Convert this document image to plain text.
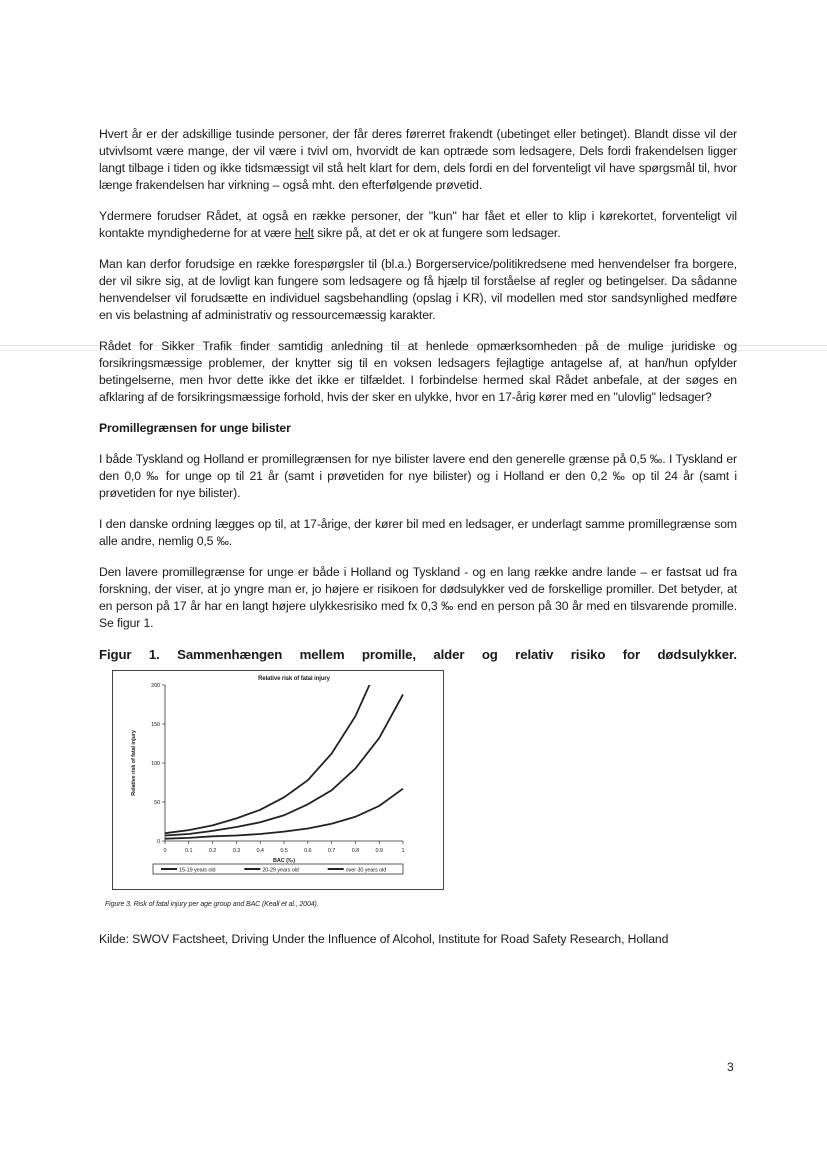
Hvert år er der adskillige tusinde personer, der får deres førerret frakendt (ubetinget eller betinget). Blandt disse vil der utvivlsomt være mange, der vil være i tvivl om, hvorvidt de kan optræde som ledsagere, Dels fordi frakendelsen ligger langt tilbage i tiden og ikke tidsmæssigt vil stå helt klart for dem, dels fordi en del forventeligt vil have spørgsmål til, hvor længe frakendelsen har virkning – også mht. den efterfølgende prøvetid.

Ydermere forudser Rådet, at også en række personer, der "kun" har fået et eller to klip i kørekortet, forventeligt vil kontakte myndighederne for at være helt sikre på, at det er ok at fungere som ledsager.

Man kan derfor forudsige en række forespørgsler til (bl.a.) Borgerservice/politikredsene med henvendelser fra borgere, der vil sikre sig, at de lovligt kan fungere som ledsagere og få hjælp til forståelse af regler og betingelser. Da sådanne henvendelser vil forudsætte en individuel sagsbehandling (opslag i KR), vil modellen med stor sandsynlighed medføre en vis belastning af administrativ og ressourcemæssig karakter.

Rådet for Sikker Trafik finder samtidig anledning til at henlede opmærksomheden på de mulige juridiske og forsikringsmæssige problemer, der knytter sig til en voksen ledsagers fejlagtige antagelse af, at han/hun opfylder betingelserne, men hvor dette ikke det ikke er tilfældet. I forbindelse hermed skal Rådet anbefale, at der søges en afklaring af de forsikringsmæssige forhold, hvis der sker en ulykke, hvor en 17-årig kører med en "ulovlig" ledsager?

Promillegrænsen for unge bilister

I både Tyskland og Holland er promillegrænsen for nye bilister lavere end den generelle grænse på 0,5 ‰. I Tyskland er den 0,0 ‰ for unge op til 21 år (samt i prøvetiden for nye bilister) og i Holland er den 0,2 ‰ op til 24 år (samt i prøvetiden for nye bilister).

I den danske ordning lægges op til, at 17-årige, der kører bil med en ledsager, er underlagt samme promillegrænse som alle andre, nemlig 0,5 ‰.

Den lavere promillegrænse for unge er både i Holland og Tyskland - og en lang række andre lande – er fastsat ud fra forskning, der viser, at jo yngre man er, jo højere er risikoen for dødsulykker ved de forskellige promiller. Det betyder, at en person på 17 år har en langt højere ulykkesrisiko med fx 0,3 ‰ end en person på 30 år med en tilsvarende promille. Se figur 1.

Figur 1. Sammenhængen mellem promille, alder og relativ risiko for dødsulykker.
Relative risk of fatal injury
0
50
100
150
200
0	0.1	0.2	0.3	0.4	0.5	0.6	0.7	0.8	0.9	1
BAC (‰)
Relative risk of fatal injury
15-19 years old	20-29 years old	over 30 years old
Figure 3. Risk of fatal injury per age group and BAC (Keall et al., 2004).

Kilde: SWOV Factsheet, Driving Under the Influence of Alcohol, Institute for Road Safety Research, Holland

3
